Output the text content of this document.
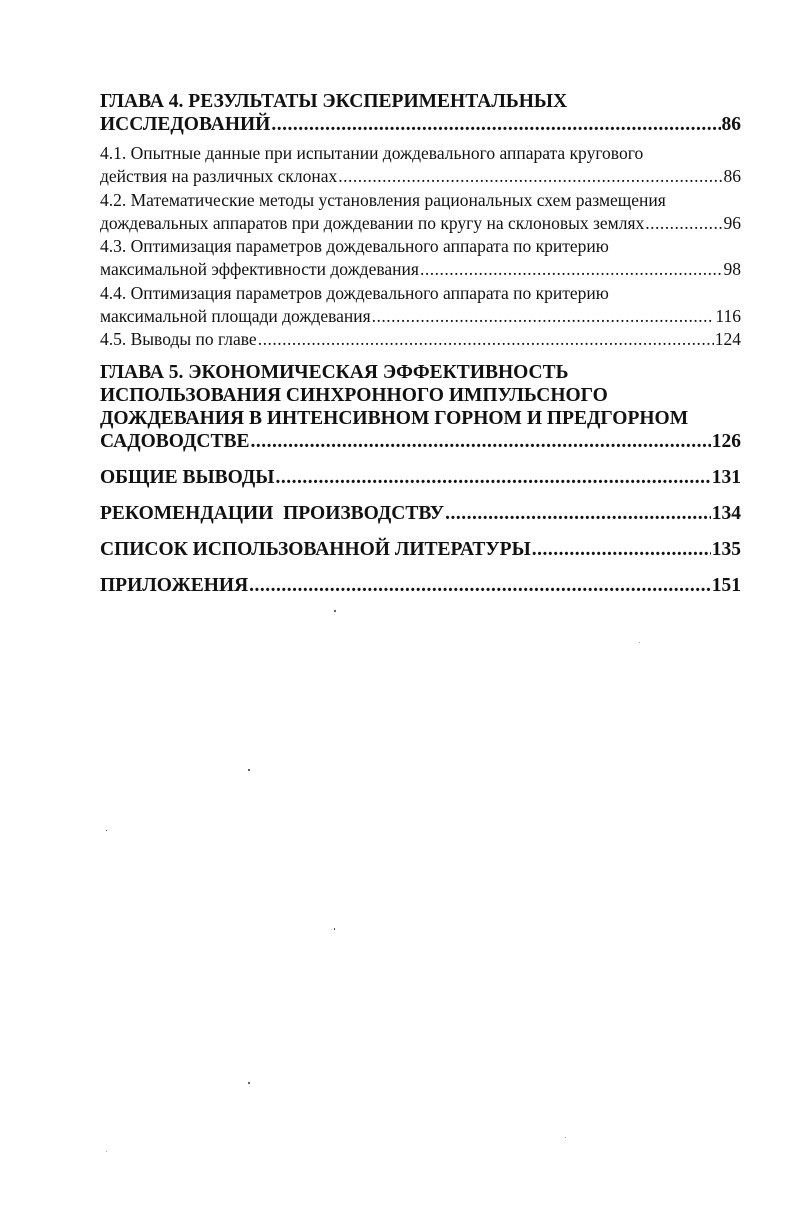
ГЛАВА 4. РЕЗУЛЬТАТЫ ЭКСПЕРИМЕНТАЛЬНЫХ
ИССЛЕДОВАНИЙ .....	86
4.1. Опытные данные при испытании дождевального аппарата кругового
действия на различных склонах .....	86
4.2. Математические методы установления рациональных схем размещения
дождевальных аппаратов при дождевании по кругу на склоновых землях .....	96
4.3. Оптимизация параметров дождевального аппарата по критерию
максимальной эффективности дождевания .....	98
4.4. Оптимизация параметров дождевального аппарата по критерию
максимальной площади дождевания .....	116
4.5. Выводы по главе .....	124
ГЛАВА 5. ЭКОНОМИЧЕСКАЯ ЭФФЕКТИВНОСТЬ
ИСПОЛЬЗОВАНИЯ СИНХРОННОГО ИМПУЛЬСНОГО
ДОЖДЕВАНИЯ В ИНТЕНСИВНОМ ГОРНОМ И ПРЕДГОРНОМ
САДОВОДСТВЕ .....	126
ОБЩИЕ ВЫВОДЫ .....	131
РЕКОМЕНДАЦИИ  ПРОИЗВОДСТВУ .....	134
СПИСОК ИСПОЛЬЗОВАННОЙ ЛИТЕРАТУРЫ .....	135
ПРИЛОЖЕНИЯ .....	151
